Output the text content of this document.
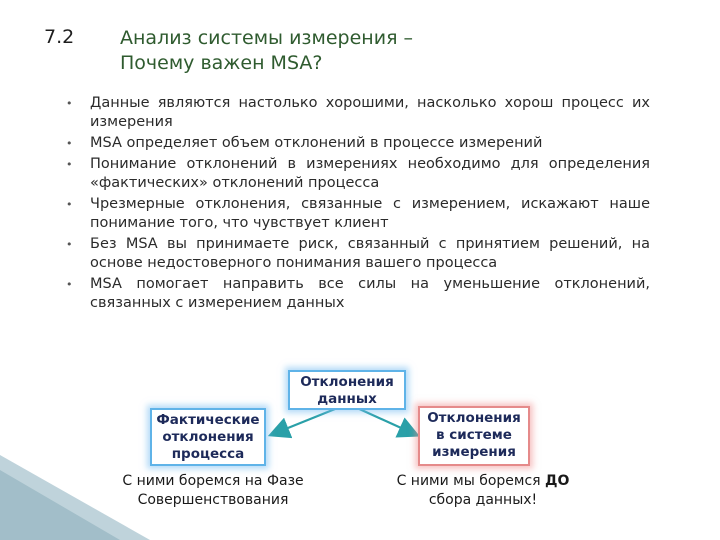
7.2 Анализ системы измерения –
Почему важен MSA?
• Данные являются настолько хорошими, насколько хорош процесс их измерения
• MSA определяет объем отклонений в процессе измерений
• Понимание отклонений в измерениях необходимо для определения «фактических» отклонений процесса
• Чрезмерные отклонения, связанные с измерением, искажают наше понимание того, что чувствует клиент
• Без MSA вы принимаете риск, связанный с принятием решений, на основе недостоверного понимания вашего процесса
• MSA помогает направить все силы на уменьшение отклонений, связанных с измерением данных
Отклонения
данных
Фактические
отклонения
процесса
Отклонения
в системе
измерения
С ними боремся на Фазе
Совершенствования
С ними мы боремся ДО
сбора данных!
